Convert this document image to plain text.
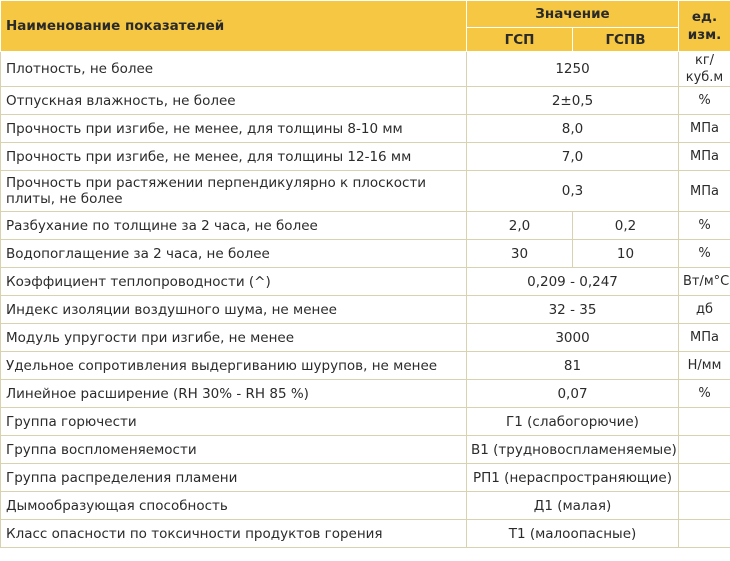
Наименование показателей	Значение		ед. изм.
	ГСП	ГСПВ	
Плотность, не более	1250		кг/ куб.м
Отпускная влажность, не более	2±0,5		%
Прочность при изгибе, не менее, для толщины 8-10 мм	8,0		МПа
Прочность при изгибе, не менее, для толщины 12-16 мм	7,0		МПа
Прочность при растяжении перпендикулярно к плоскости плиты, не более	0,3		МПа
Разбухание по толщине за 2 часа, не более	2,0	0,2	%
Водопоглащение за 2 часа, не более	30	10	%
Коэффициент теплопроводности (^)	0,209 - 0,247		Вт/м°С
Индекс изоляции воздушного шума, не менее	32 - 35		дб
Модуль упругости при изгибе, не менее	3000		МПа
Удельное сопротивления выдергиванию шурупов, не менее	81		Н/мм
Линейное расширение (RH 30% - RH 85 %)	0,07		%
Группа горючести	Г1 (слабогорючие)		
Группа воспломеняемости	В1 (трудновоспламеняемые)		
Группа распределения пламени	РП1 (нераспространяющие)		
Дымообразующая способность	Д1 (малая)		
Класс опасности по токсичности продуктов горения	Т1 (малоопасные)		
